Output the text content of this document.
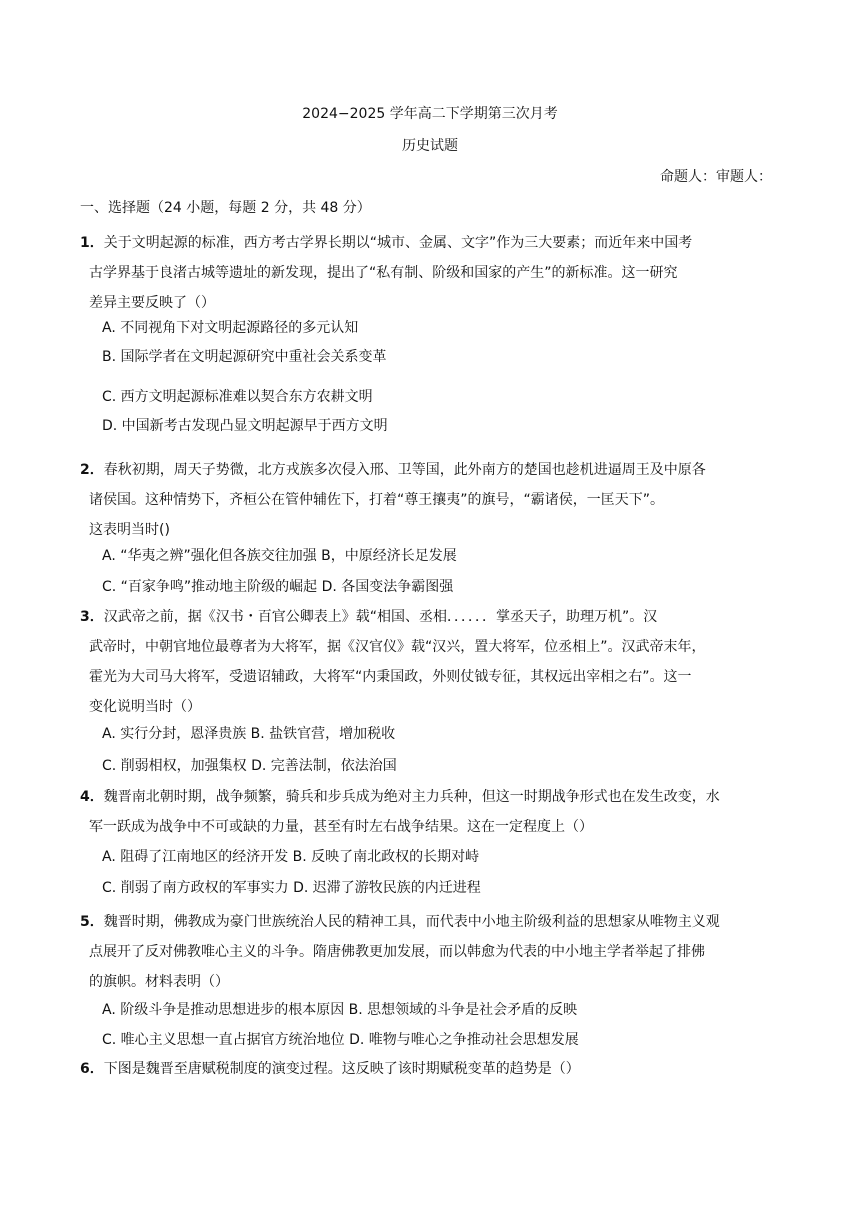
2024−2025 学年高二下学期第三次月考
历史试题
命题人：审题人：
一、选择题（24 小题，每题 2 分，共 48 分）
1．关于文明起源的标准，西方考古学界长期以“城市、金属、文字”作为三大要素；而近年来中国考
古学界基于良渚古城等遗址的新发现，提出了“私有制、阶级和国家的产生”的新标准。这一研究
差异主要反映了（）
A. 不同视角下对文明起源路径的多元认知
B. 国际学者在文明起源研究中重社会关系变革
C. 西方文明起源标准难以契合东方农耕文明
D. 中国新考古发现凸显文明起源早于西方文明
2．春秋初期，周天子势微，北方戎族多次侵入邢、卫等国，此外南方的楚国也趁机进逼周王及中原各
诸侯国。这种情势下，齐桓公在管仲辅佐下，打着“尊王攘夷”的旗号，“霸诸侯，一匡天下”。
这表明当时()
A. “华夷之辨”强化但各族交往加强 B，中原经济长足发展
C. “百家争鸣”推动地主阶级的崛起 D. 各国变法争霸图强
3．汉武帝之前，据《汉书・百官公卿表上》载“相国、丞相．．．．．．掌丞天子，助理万机”。汉
武帝时，中朝官地位最尊者为大将军，据《汉官仪》载“汉兴，置大将军，位丞相上”。汉武帝末年，
霍光为大司马大将军，受遗诏辅政，大将军“内秉国政，外则仗钺专征，其权远出宰相之右”。这一
变化说明当时（）
A. 实行分封，恩泽贵族 B. 盐铁官营，增加税收
C. 削弱相权，加强集权 D. 完善法制，依法治国
4．魏晋南北朝时期，战争频繁，骑兵和步兵成为绝对主力兵种，但这一时期战争形式也在发生改变，水
军一跃成为战争中不可或缺的力量，甚至有时左右战争结果。这在一定程度上（）
A. 阻碍了江南地区的经济开发 B. 反映了南北政权的长期对峙
C. 削弱了南方政权的军事实力 D. 迟滞了游牧民族的内迁进程
5．魏晋时期，佛教成为豪门世族统治人民的精神工具，而代表中小地主阶级利益的思想家从唯物主义观
点展开了反对佛教唯心主义的斗争。隋唐佛教更加发展，而以韩愈为代表的中小地主学者举起了排佛
的旗帜。材料表明（）
A. 阶级斗争是推动思想进步的根本原因 B. 思想领域的斗争是社会矛盾的反映
C. 唯心主义思想一直占据官方统治地位 D. 唯物与唯心之争推动社会思想发展
6．下图是魏晋至唐赋税制度的演变过程。这反映了该时期赋税变革的趋势是（）
